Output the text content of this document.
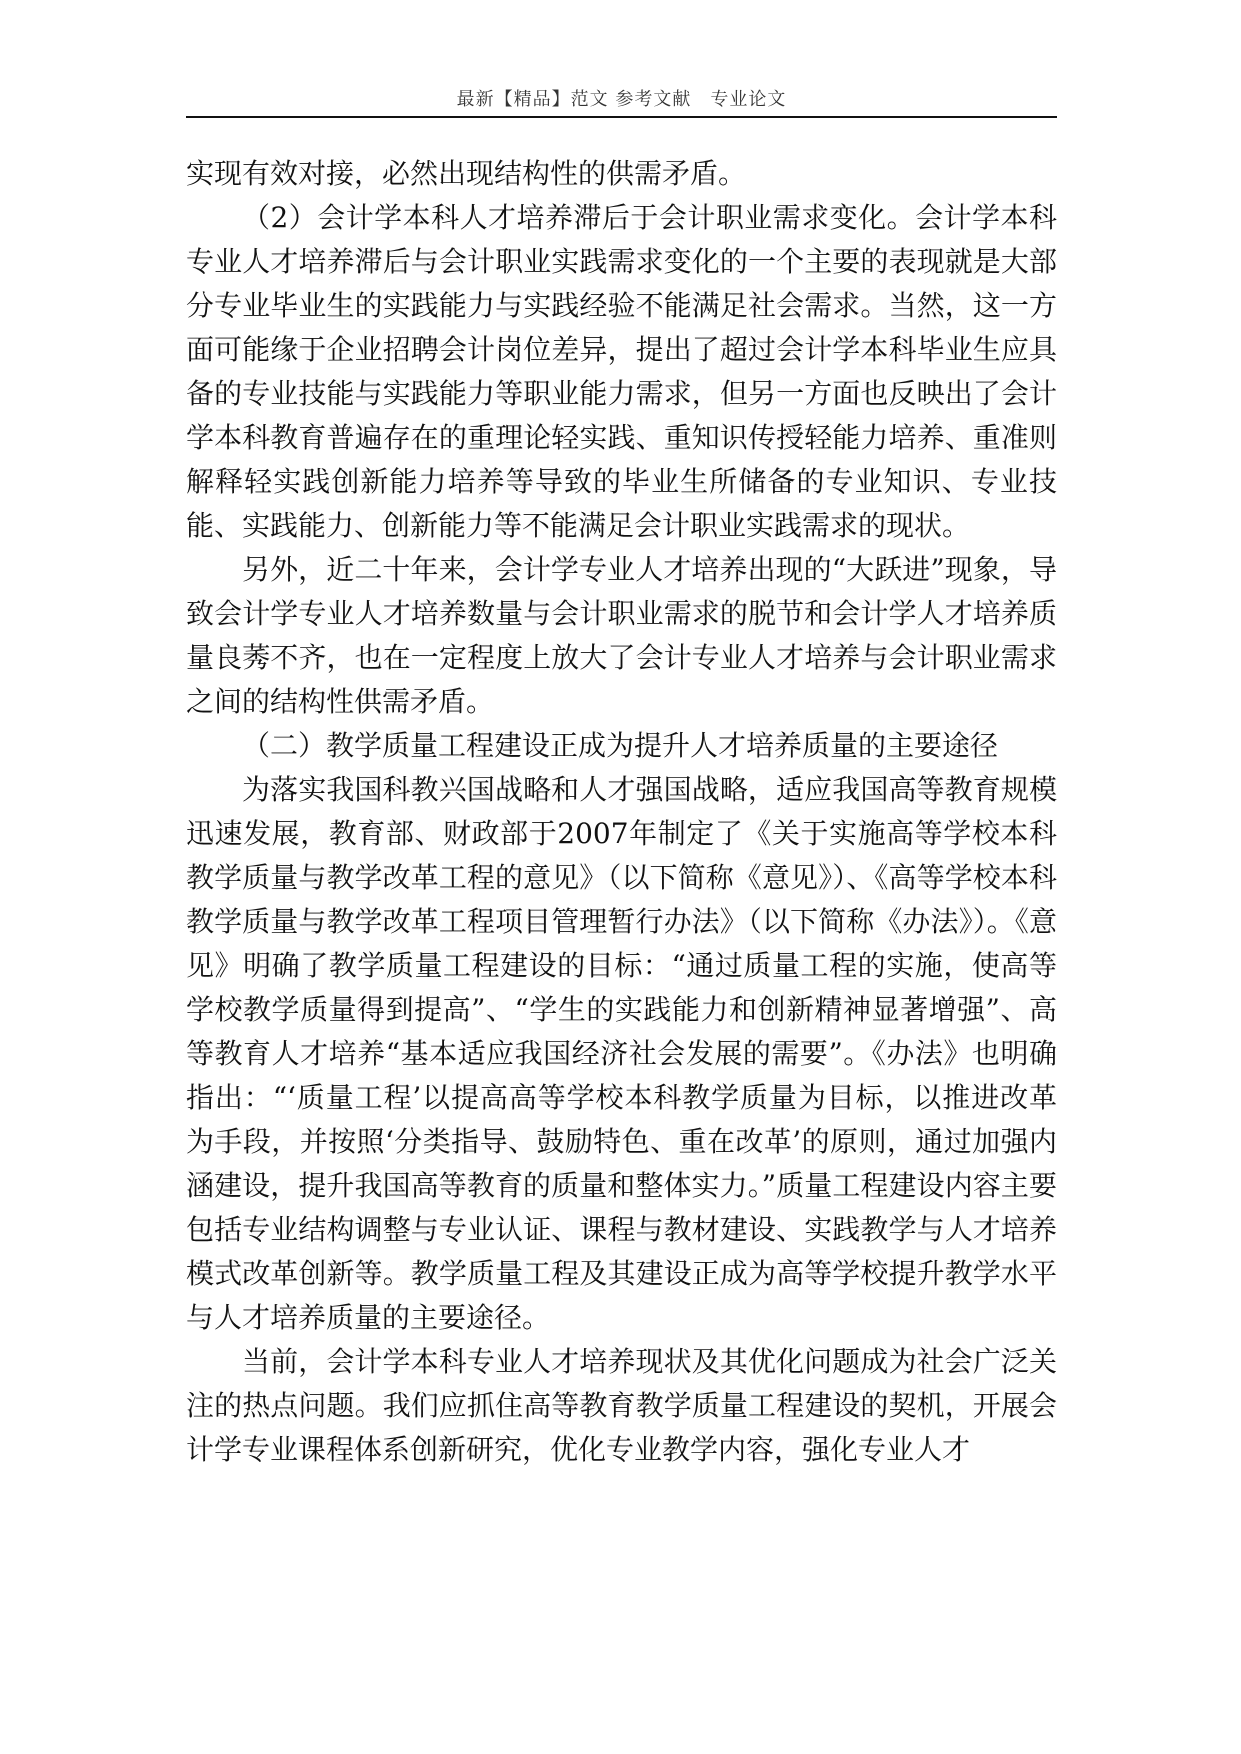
最新【精品】范文 参考文献　专业论文

实现有效对接，必然出现结构性的供需矛盾。

（2）会计学本科人才培养滞后于会计职业需求变化。会计学本科专业人才培养滞后与会计职业实践需求变化的一个主要的表现就是大部分专业毕业生的实践能力与实践经验不能满足社会需求。当然，这一方面可能缘于企业招聘会计岗位差异，提出了超过会计学本科毕业生应具备的专业技能与实践能力等职业能力需求，但另一方面也反映出了会计学本科教育普遍存在的重理论轻实践、重知识传授轻能力培养、重准则解释轻实践创新能力培养等导致的毕业生所储备的专业知识、专业技能、实践能力、创新能力等不能满足会计职业实践需求的现状。

另外，近二十年来，会计学专业人才培养出现的“大跃进”现象，导致会计学专业人才培养数量与会计职业需求的脱节和会计学人才培养质量良莠不齐，也在一定程度上放大了会计专业人才培养与会计职业需求之间的结构性供需矛盾。

（二）教学质量工程建设正成为提升人才培养质量的主要途径

为落实我国科教兴国战略和人才强国战略，适应我国高等教育规模迅速发展，教育部、财政部于2007年制定了《关于实施高等学校本科教学质量与教学改革工程的意见》（以下简称《意见》）、《高等学校本科教学质量与教学改革工程项目管理暂行办法》（以下简称《办法》）。《意见》明确了教学质量工程建设的目标：“通过质量工程的实施，使高等学校教学质量得到提高”、“学生的实践能力和创新精神显著增强”、高等教育人才培养“基本适应我国经济社会发展的需要”。《办法》也明确指出：“‘质量工程’以提高高等学校本科教学质量为目标，以推进改革为手段，并按照‘分类指导、鼓励特色、重在改革’的原则，通过加强内涵建设，提升我国高等教育的质量和整体实力。”质量工程建设内容主要包括专业结构调整与专业认证、课程与教材建设、实践教学与人才培养模式改革创新等。教学质量工程及其建设正成为高等学校提升教学水平与人才培养质量的主要途径。

当前，会计学本科专业人才培养现状及其优化问题成为社会广泛关注的热点问题。我们应抓住高等教育教学质量工程建设的契机，开展会计学专业课程体系创新研究，优化专业教学内容，强化专业人才
